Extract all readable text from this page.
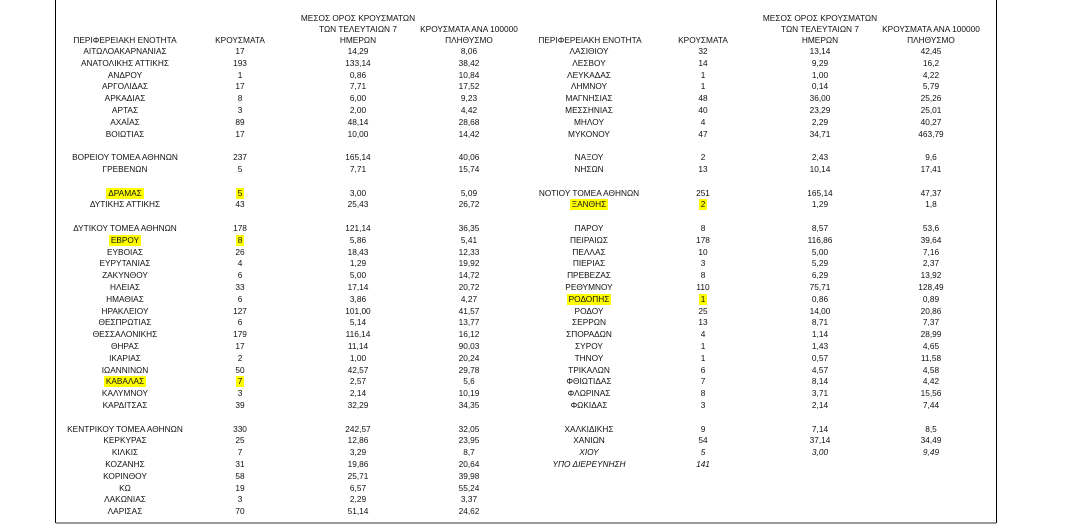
ΜΕΣΟΣ ΟΡΟΣ ΚΡΟΥΣΜΑΤΩΝ
ΤΩΝ ΤΕΛΕΥΤΑΙΩΝ 7
ΗΜΕΡΩΝ
ΚΡΟΥΣΜΑΤΑ ΑΝΑ 100000
ΠΛΗΘΥΣΜΟ
ΠΕΡΙΦΕΡΕΙΑΚΗ ΕΝΟΤΗΤΑ	ΚΡΟΥΣΜΑΤΑ
ΑΙΤΩΛΟΑΚΑΡΝΑΝΙΑΣ	17	14,29	8,06
ΑΝΑΤΟΛΙΚΗΣ ΑΤΤΙΚΗΣ	193	133,14	38,42
ΑΝΔΡΟΥ	1	0,86	10,84
ΑΡΓΟΛΙΔΑΣ	17	7,71	17,52
ΑΡΚΑΔΙΑΣ	8	6,00	9,23
ΑΡΤΑΣ	3	2,00	4,42
ΑΧΑΪΑΣ	89	48,14	28,68
ΒΟΙΩΤΙΑΣ	17	10,00	14,42
ΒΟΡΕΙΟΥ ΤΟΜΕΑ ΑΘΗΝΩΝ	237	165,14	40,06
ΓΡΕΒΕΝΩΝ	5	7,71	15,74
ΔΡΑΜΑΣ	5	3,00	5,09
ΔΥΤΙΚΗΣ ΑΤΤΙΚΗΣ	43	25,43	26,72
ΔΥΤΙΚΟΥ ΤΟΜΕΑ ΑΘΗΝΩΝ	178	121,14	36,35
ΕΒΡΟΥ	8	5,86	5,41
ΕΥΒΟΙΑΣ	26	18,43	12,33
ΕΥΡΥΤΑΝΙΑΣ	4	1,29	19,92
ΖΑΚΥΝΘΟΥ	6	5,00	14,72
ΗΛΕΙΑΣ	33	17,14	20,72
ΗΜΑΘΙΑΣ	6	3,86	4,27
ΗΡΑΚΛΕΙΟΥ	127	101,00	41,57
ΘΕΣΠΡΩΤΙΑΣ	6	5,14	13,77
ΘΕΣΣΑΛΟΝΙΚΗΣ	179	116,14	16,12
ΘΗΡΑΣ	17	11,14	90,03
ΙΚΑΡΙΑΣ	2	1,00	20,24
ΙΩΑΝΝΙΝΩΝ	50	42,57	29,78
ΚΑΒΑΛΑΣ	7	2,57	5,6
ΚΑΛΥΜΝΟΥ	3	2,14	10,19
ΚΑΡΔΙΤΣΑΣ	39	32,29	34,35
ΚΕΝΤΡΙΚΟΥ ΤΟΜΕΑ ΑΘΗΝΩΝ	330	242,57	32,05
ΚΕΡΚΥΡΑΣ	25	12,86	23,95
ΚΙΛΚΙΣ	7	3,29	8,7
ΚΟΖΑΝΗΣ	31	19,86	20,64
ΚΟΡΙΝΘΟΥ	58	25,71	39,98
ΚΩ	19	6,57	55,24
ΛΑΚΩΝΙΑΣ	3	2,29	3,37
ΛΑΡΙΣΑΣ	70	51,14	24,62
ΜΕΣΟΣ ΟΡΟΣ ΚΡΟΥΣΜΑΤΩΝ
ΤΩΝ ΤΕΛΕΥΤΑΙΩΝ 7
ΗΜΕΡΩΝ
ΚΡΟΥΣΜΑΤΑ ΑΝΑ 100000
ΠΛΗΘΥΣΜΟ
ΠΕΡΙΦΕΡΕΙΑΚΗ ΕΝΟΤΗΤΑ	ΚΡΟΥΣΜΑΤΑ
ΛΑΣΙΘΙΟΥ	32	13,14	42,45
ΛΕΣΒΟΥ	14	9,29	16,2
ΛΕΥΚΑΔΑΣ	1	1,00	4,22
ΛΗΜΝΟΥ	1	0,14	5,79
ΜΑΓΝΗΣΙΑΣ	48	36,00	25,26
ΜΕΣΣΗΝΙΑΣ	40	23,29	25,01
ΜΗΛΟΥ	4	2,29	40,27
ΜΥΚΟΝΟΥ	47	34,71	463,79
ΝΑΞΟΥ	2	2,43	9,6
ΝΗΣΩΝ	13	10,14	17,41
ΝΟΤΙΟΥ ΤΟΜΕΑ ΑΘΗΝΩΝ	251	165,14	47,37
ΞΑΝΘΗΣ	2	1,29	1,8
ΠΑΡΟΥ	8	8,57	53,6
ΠΕΙΡΑΙΩΣ	178	116,86	39,64
ΠΕΛΛΑΣ	10	5,00	7,16
ΠΙΕΡΙΑΣ	3	5,29	2,37
ΠΡΕΒΕΖΑΣ	8	6,29	13,92
ΡΕΘΥΜΝΟΥ	110	75,71	128,49
ΡΟΔΟΠΗΣ	1	0,86	0,89
ΡΟΔΟΥ	25	14,00	20,86
ΣΕΡΡΩΝ	13	8,71	7,37
ΣΠΟΡΑΔΩΝ	4	1,14	28,99
ΣΥΡΟΥ	1	1,43	4,65
ΤΗΝΟΥ	1	0,57	11,58
ΤΡΙΚΑΛΩΝ	6	4,57	4,58
ΦΘΙΩΤΙΔΑΣ	7	8,14	4,42
ΦΛΩΡΙΝΑΣ	8	3,71	15,56
ΦΩΚΙΔΑΣ	3	2,14	7,44
ΧΑΛΚΙΔΙΚΗΣ	9	7,14	8,5
ΧΑΝΙΩΝ	54	37,14	34,49
ΧΙΟΥ	5	3,00	9,49
ΥΠΟ ΔΙΕΡΕΥΝΗΣΗ	141
